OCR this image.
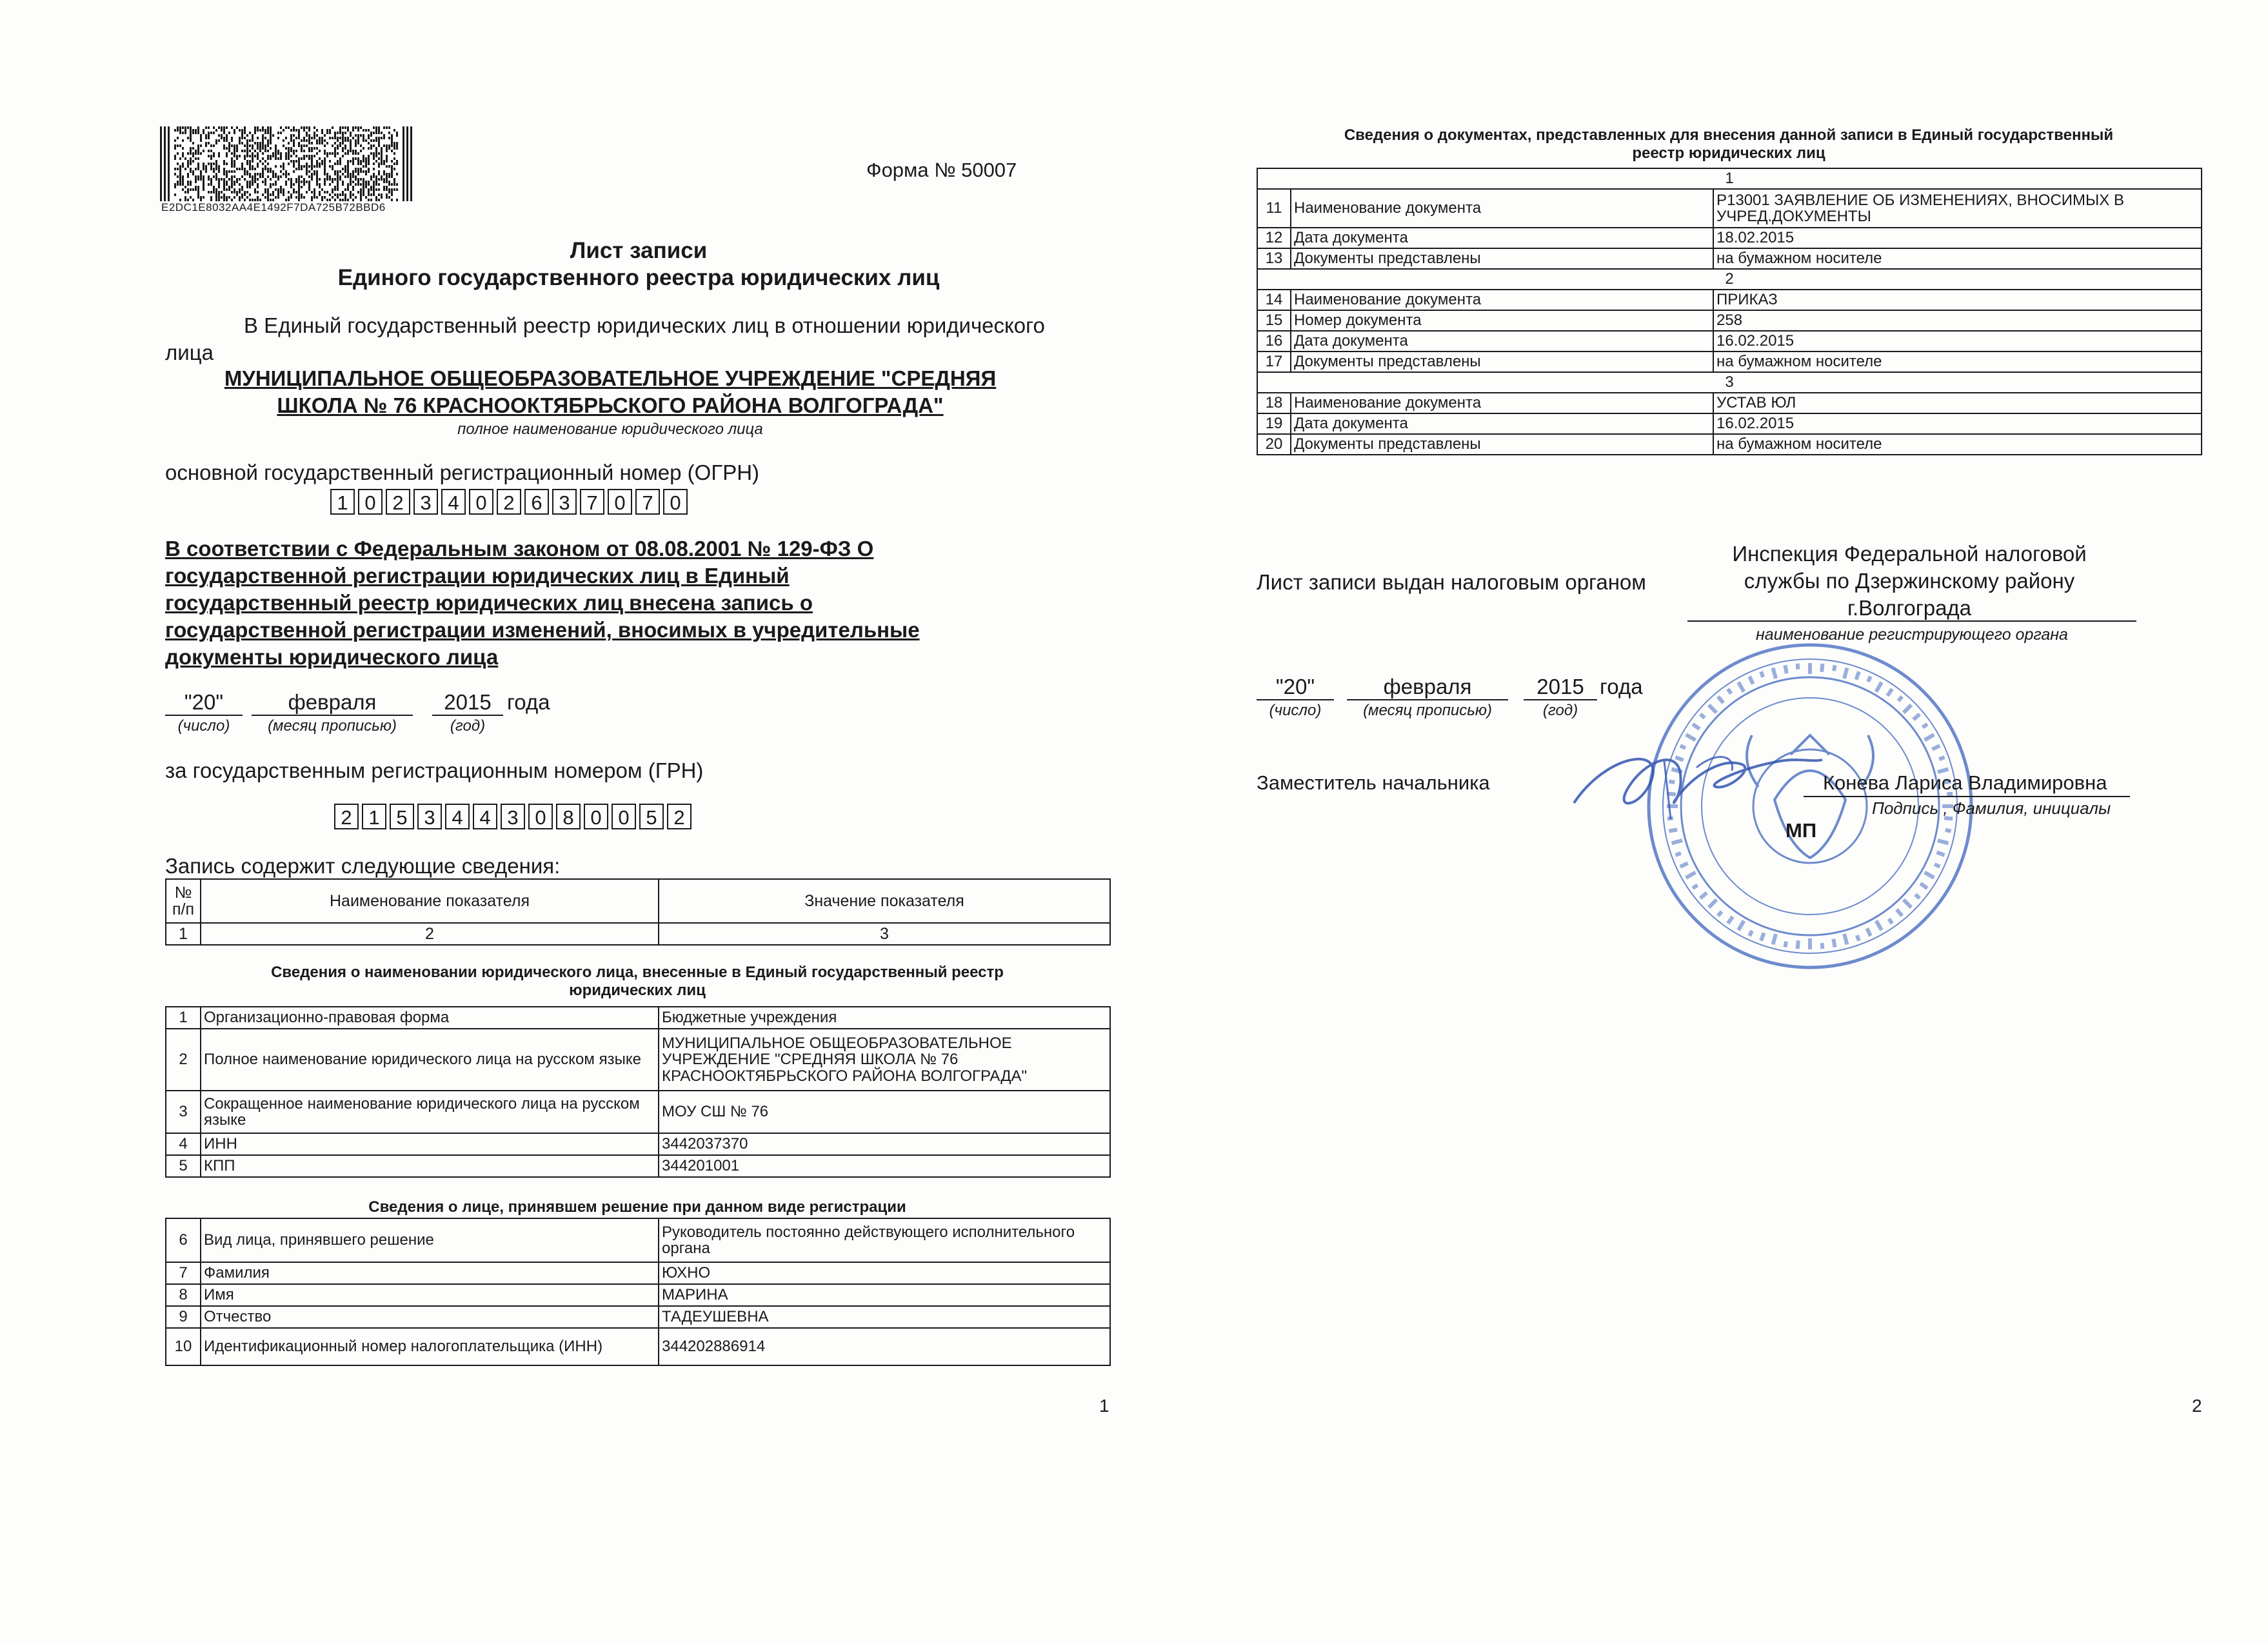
E2DC1E8032AA4E1492F7DA725B72BBD6
Форма № 50007
Лист записи
Единого государственного реестра юридических лиц
В Единый государственный реестр юридических лиц в отношении юридического
лица
МУНИЦИПАЛЬНОЕ ОБЩЕОБРАЗОВАТЕЛЬНОЕ УЧРЕЖДЕНИЕ "СРЕДНЯЯ
ШКОЛА № 76 КРАСНООКТЯБРЬСКОГО РАЙОНА ВОЛГОГРАДА"
полное наименование юридического лица
основной государственный регистрационный номер (ОГРН)
1 0 2 3 4 0 2 6 3 7 0 7 0
В соответствии с Федеральным законом от 08.08.2001 № 129-ФЗ О
государственной регистрации юридических лиц в Единый
государственный реестр юридических лиц внесена запись о
государственной регистрации изменений, вносимых в учредительные
документы юридического лица
"20"	февраля	2015 года
(число)	(месяц прописью)	(год)
за государственным регистрационным номером (ГРН)
2 1 5 3 4 4 3 0 8 0 0 5 2
Запись содержит следующие сведения:
№ п/п	Наименование показателя	Значение показателя
1	2	3
Сведения о наименовании юридического лица, внесенные в Единый государственный реестр
юридических лиц
1	Организационно-правовая форма	Бюджетные учреждения
2	Полное наименование юридического лица на русском языке	МУНИЦИПАЛЬНОЕ ОБЩЕОБРАЗОВАТЕЛЬНОЕ УЧРЕЖДЕНИЕ "СРЕДНЯЯ ШКОЛА № 76 КРАСНООКТЯБРЬСКОГО РАЙОНА ВОЛГОГРАДА"
3	Сокращенное наименование юридического лица на русском языке	МОУ СШ № 76
4	ИНН	3442037370
5	КПП	344201001
Сведения о лице, принявшем решение при данном виде регистрации
6	Вид лица, принявшего решение	Руководитель постоянно действующего исполнительного органа
7	Фамилия	ЮХНО
8	Имя	МАРИНА
9	Отчество	ТАДЕУШЕВНА
10	Идентификационный номер налогоплательщика (ИНН)	344202886914
1
Сведения о документах, представленных для внесения данной записи в Единый государственный
реестр юридических лиц
1		
11	Наименование документа	Р13001 ЗАЯВЛЕНИЕ ОБ ИЗМЕНЕНИЯХ, ВНОСИМЫХ В УЧРЕД.ДОКУМЕНТЫ
12	Дата документа	18.02.2015
13	Документы представлены	на бумажном носителе
2		
14	Наименование документа	ПРИКАЗ
15	Номер документа	258
16	Дата документа	16.02.2015
17	Документы представлены	на бумажном носителе
3		
18	Наименование документа	УСТАВ ЮЛ
19	Дата документа	16.02.2015
20	Документы представлены	на бумажном носителе
Лист записи выдан налоговым органом
Инспекция Федеральной налоговой
службы по Дзержинскому району
г.Волгограда
наименование регистрирующего органа
"20"	февраля	2015 года
(число)	(месяц прописью)	(год)
Заместитель начальника	Конева Лариса Владимировна
Подпись , Фамилия, инициалы
МП
2
